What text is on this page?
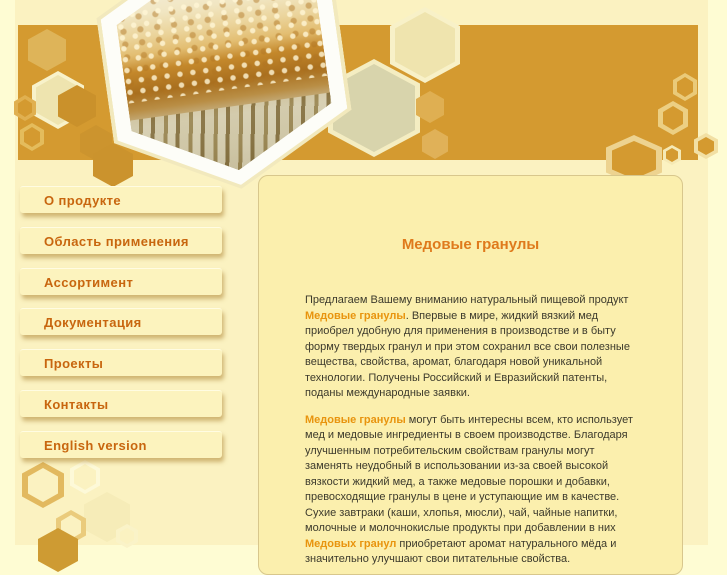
О продукте
Область применения
Ассортимент
Документация
Проекты
Контакты
English version
Медовые гранулы

Предлагаем Вашему вниманию натуральный пищевой продукт Медовые гранулы. Впервые в мире, жидкий вязкий мед приобрел удобную для применения в производстве и в быту форму твердых гранул и при этом сохранил все свои полезные вещества, свойства, аромат, благодаря новой уникальной технологии. Получены Российский и Евразийский патенты, поданы международные заявки.

Медовые гранулы могут быть интересны всем, кто использует мед и медовые ингредиенты в своем производстве. Благодаря улучшенным потребительским свойствам гранулы могут заменять неудобный в использовании из-за своей высокой вязкости жидкий мед, а также медовые порошки и добавки, превосходящие гранулы в цене и уступающие им в качестве. Сухие завтраки (каши, хлопья, мюсли), чай, чайные напитки, молочные и молочнокислые продукты при добавлении в них Медовых гранул приобретают аромат натурального мёда и значительно улучшают свои питательные свойства.
